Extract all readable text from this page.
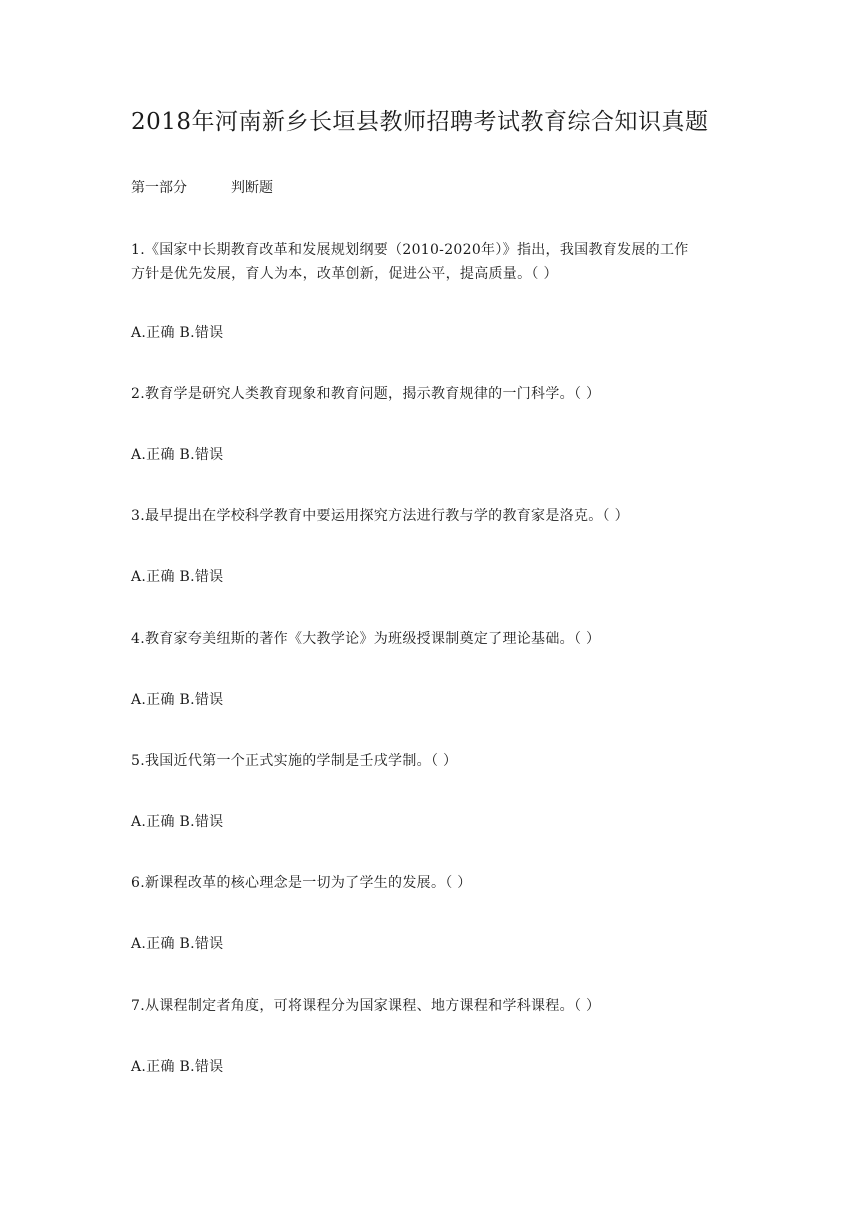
2018年河南新乡长垣县教师招聘考试教育综合知识真题
第一部分	判断题
1.《国家中长期教育改革和发展规划纲要（2010-2020年）》指出，我国教育发展的工作
方针是优先发展，育人为本，改革创新，促进公平，提高质量。（ ）
A.正确 B.错误
2.教育学是研究人类教育现象和教育问题，揭示教育规律的一门科学。（ ）
A.正确 B.错误
3.最早提出在学校科学教育中要运用探究方法进行教与学的教育家是洛克。（ ）
A.正确 B.错误
4.教育家夸美纽斯的著作《大教学论》为班级授课制奠定了理论基础。（ ）
A.正确 B.错误
5.我国近代第一个正式实施的学制是壬戌学制。（ ）
A.正确 B.错误
6.新课程改革的核心理念是一切为了学生的发展。（ ）
A.正确 B.错误
7.从课程制定者角度，可将课程分为国家课程、地方课程和学科课程。（ ）
A.正确 B.错误
